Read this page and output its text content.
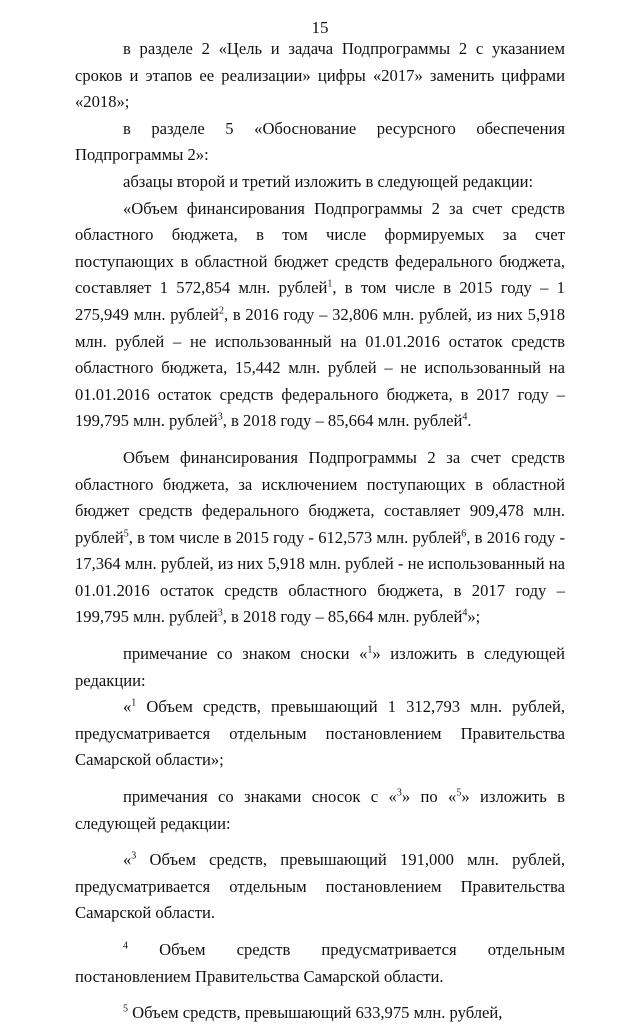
15

в разделе 2 «Цель и задача Подпрограммы 2 с указанием сроков и этапов ее реализации» цифры «2017» заменить цифрами «2018»;

в разделе 5 «Обоснование ресурсного обеспечения Подпрограммы 2»:

абзацы второй и третий изложить в следующей редакции:

«Объем финансирования Подпрограммы 2 за счет средств областного бюджета, в том числе формируемых за счет поступающих в областной бюджет средств федерального бюджета, составляет 1 572,854 млн. рублей$^1$, в том числе в 2015 году – 1 275,949 млн. рублей$^2$, в 2016 году – 32,806 млн. рублей, из них 5,918 млн. рублей – не использованный на 01.01.2016 остаток средств областного бюджета, 15,442 млн. рублей – не использованный на 01.01.2016 остаток средств федерального бюджета, в 2017 году – 199,795 млн. рублей$^3$, в 2018 году – 85,664 млн. рублей$^4$.

Объем финансирования Подпрограммы 2 за счет средств областного бюджета, за исключением поступающих в областной бюджет средств федерального бюджета, составляет 909,478 млн. рублей$^5$, в том числе в 2015 году - 612,573 млн. рублей$^6$, в 2016 году - 17,364 млн. рублей, из них 5,918 млн. рублей - не использованный на 01.01.2016 остаток средств областного бюджета, в 2017 году – 199,795 млн. рублей$^3$, в 2018 году – 85,664 млн. рублей$^4$»;

примечание со знаком сноски «$^1$» изложить в следующей редакции:

«$^1$ Объем средств, превышающий 1 312,793 млн. рублей, предусматривается отдельным постановлением Правительства Самарской области»;

примечания со знаками сносок с «$^3$» по «$^5$» изложить в следующей редакции:

«$^3$ Объем средств, превышающий 191,000 млн. рублей, предусматривается отдельным постановлением Правительства Самарской области.

$^4$ Объем средств предусматривается отдельным постановлением Правительства Самарской области.

$^5$ Объем средств, превышающий 633,975 млн. рублей,
